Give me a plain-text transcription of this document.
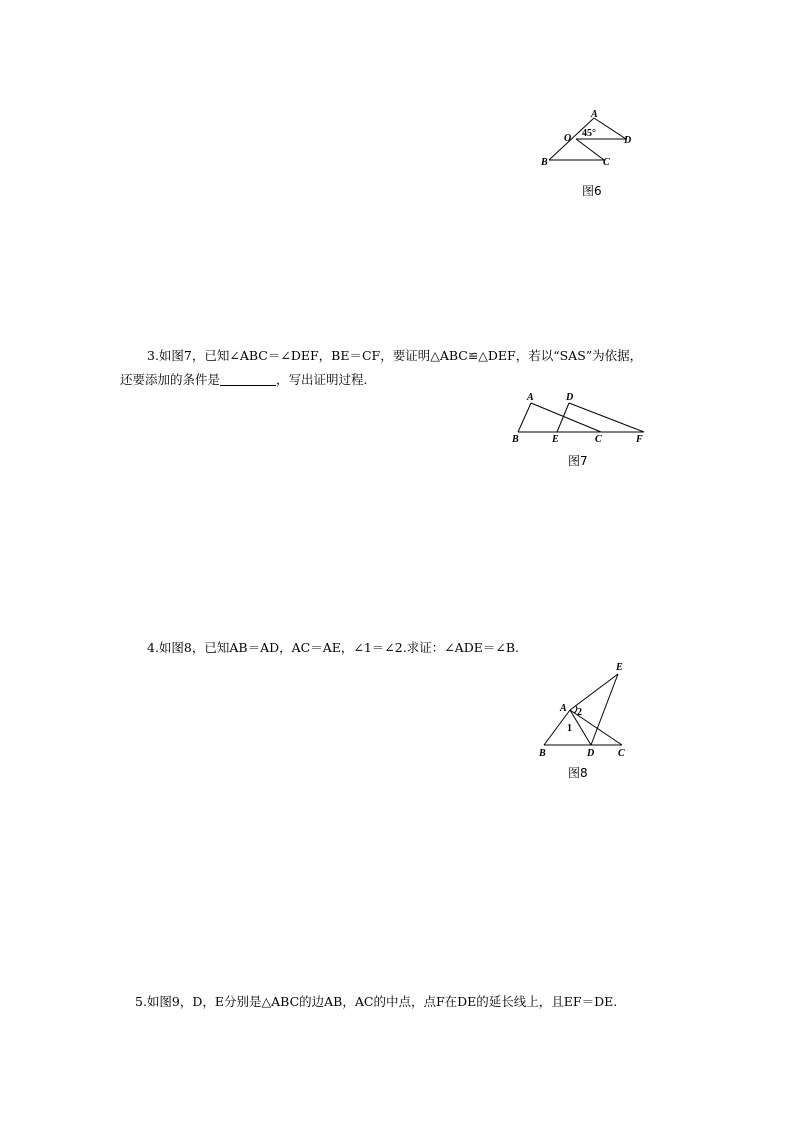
A
O 45°
D
B	C
图6

3.如图7，已知∠ABC＝∠DEF，BE＝CF，要证明△ABC≌△DEF，若以“SAS”为依据，

还要添加的条件是	，写出证明过程.

A	D
B	E	C	F
图7

4.如图8，已知AB＝AD，AC＝AE，∠1＝∠2.求证：∠ADE＝∠B.

E
A 2
1
B	D C
图8

5.如图9，D，E分别是△ABC的边AB，AC的中点，点F在DE的延长线上，且EF＝DE.
